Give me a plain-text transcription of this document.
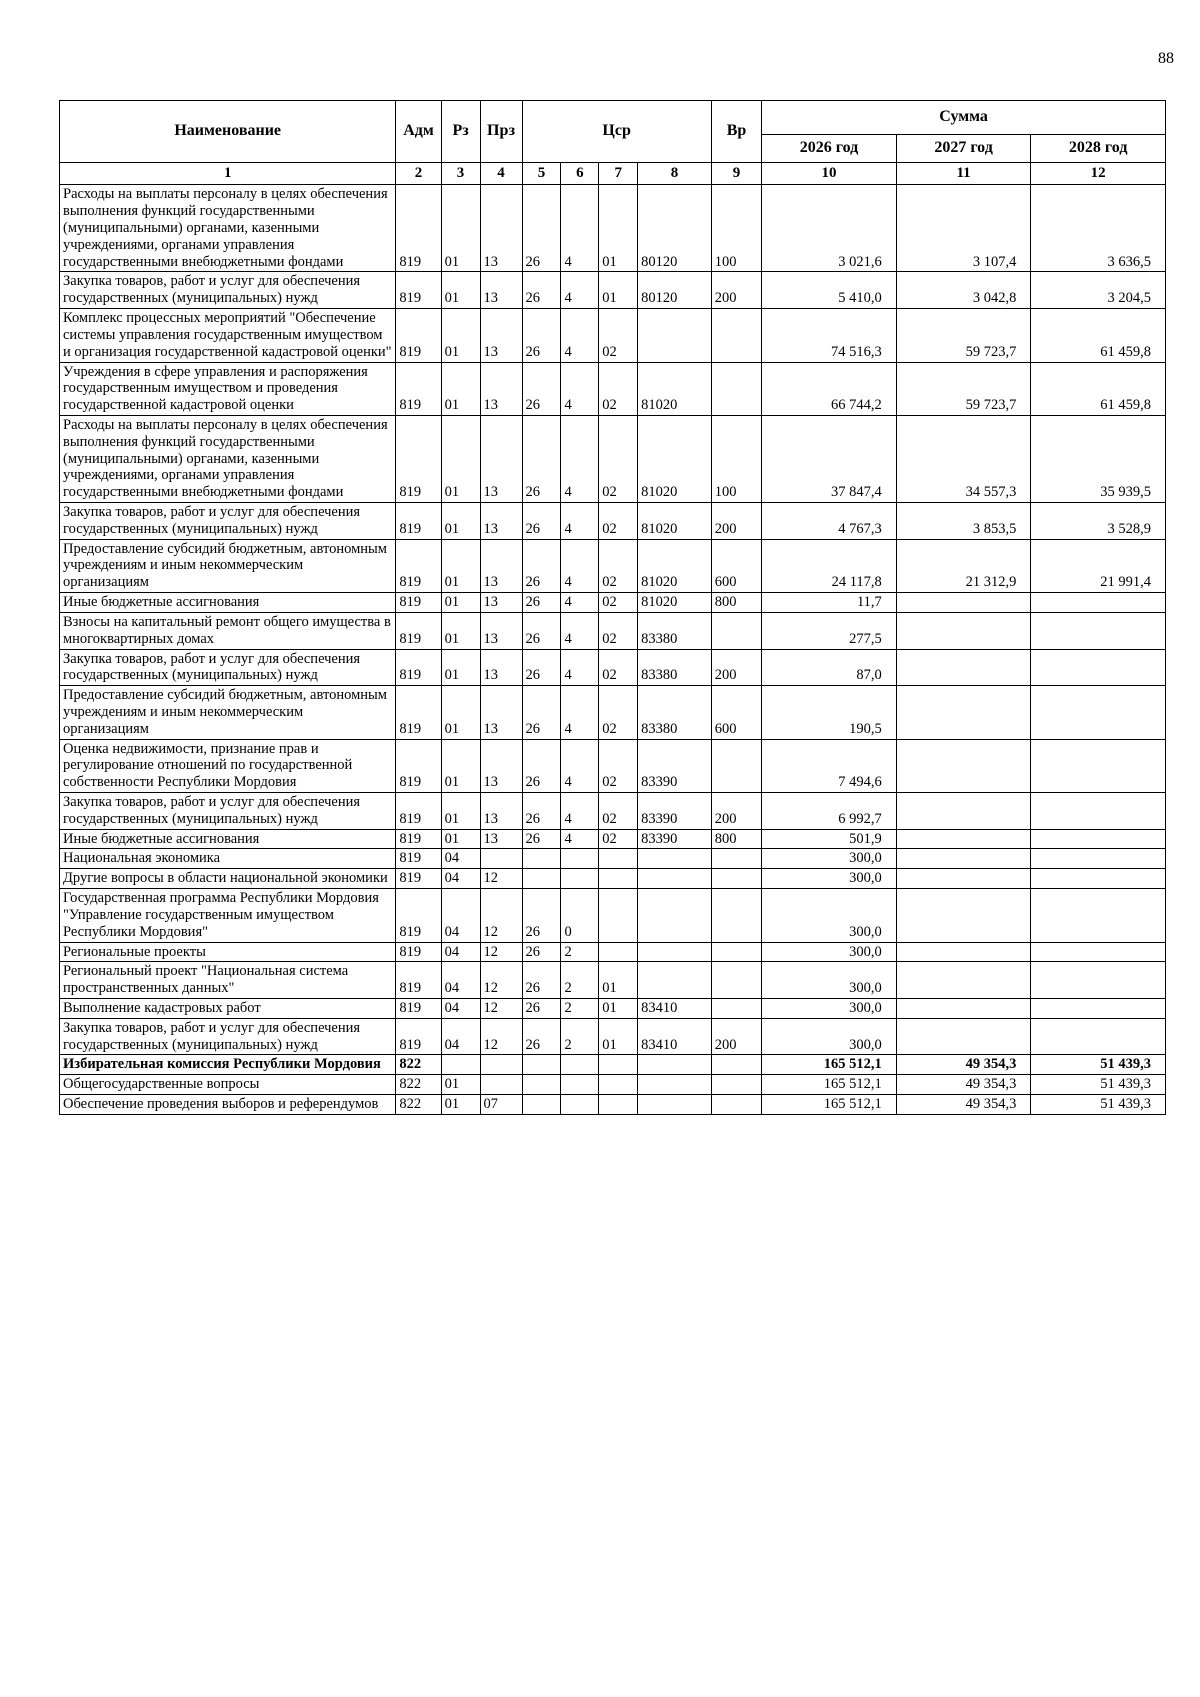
88
Наименование	Адм	Рз	Прз	Цср				Вр	Сумма		
									2026 год	2027 год	2028 год
1	2	3	4	5	6	7	8	9	10	11	12
Расходы на выплаты персоналу в целях обеспечения выполнения функций государственными (муниципальными) органами, казенными учреждениями, органами управления государственными внебюджетными фондами	819	01	13	26	4	01	80120	100	3 021,6	3 107,4	3 636,5
Закупка товаров, работ и услуг для обеспечения государственных (муниципальных) нужд	819	01	13	26	4	01	80120	200	5 410,0	3 042,8	3 204,5
Комплекс процессных мероприятий "Обеспечение системы управления государственным имуществом и организация государственной кадастровой оценки"	819	01	13	26	4	02			74 516,3	59 723,7	61 459,8
Учреждения в сфере управления и распоряжения государственным имуществом и проведения государственной кадастровой оценки	819	01	13	26	4	02	81020		66 744,2	59 723,7	61 459,8
Расходы на выплаты персоналу в целях обеспечения выполнения функций государственными (муниципальными) органами, казенными учреждениями, органами управления государственными внебюджетными фондами	819	01	13	26	4	02	81020	100	37 847,4	34 557,3	35 939,5
Закупка товаров, работ и услуг для обеспечения государственных (муниципальных) нужд	819	01	13	26	4	02	81020	200	4 767,3	3 853,5	3 528,9
Предоставление субсидий бюджетным, автономным учреждениям и иным некоммерческим организациям	819	01	13	26	4	02	81020	600	24 117,8	21 312,9	21 991,4
Иные бюджетные ассигнования	819	01	13	26	4	02	81020	800	11,7		
Взносы на капитальный ремонт общего имущества в многоквартирных домах	819	01	13	26	4	02	83380		277,5		
Закупка товаров, работ и услуг для обеспечения государственных (муниципальных) нужд	819	01	13	26	4	02	83380	200	87,0		
Предоставление субсидий бюджетным, автономным учреждениям и иным некоммерческим организациям	819	01	13	26	4	02	83380	600	190,5		
Оценка недвижимости, признание прав и регулирование отношений по государственной собственности Республики Мордовия	819	01	13	26	4	02	83390		7 494,6		
Закупка товаров, работ и услуг для обеспечения государственных (муниципальных) нужд	819	01	13	26	4	02	83390	200	6 992,7		
Иные бюджетные ассигнования	819	01	13	26	4	02	83390	800	501,9		
Национальная экономика	819	04							300,0		
Другие вопросы в области национальной экономики	819	04	12						300,0		
Государственная программа Республики Мордовия "Управление государственным имуществом Республики Мордовия"	819	04	12	26	0				300,0		
Региональные проекты	819	04	12	26	2				300,0		
Региональный проект "Национальная система пространственных данных"	819	04	12	26	2	01			300,0		
Выполнение кадастровых работ	819	04	12	26	2	01	83410		300,0		
Закупка товаров, работ и услуг для обеспечения государственных (муниципальных) нужд	819	04	12	26	2	01	83410	200	300,0		
Избирательная комиссия Республики Мордовия	822								165 512,1	49 354,3	51 439,3
Общегосударственные вопросы	822	01							165 512,1	49 354,3	51 439,3
Обеспечение проведения выборов и референдумов	822	01	07						165 512,1	49 354,3	51 439,3
